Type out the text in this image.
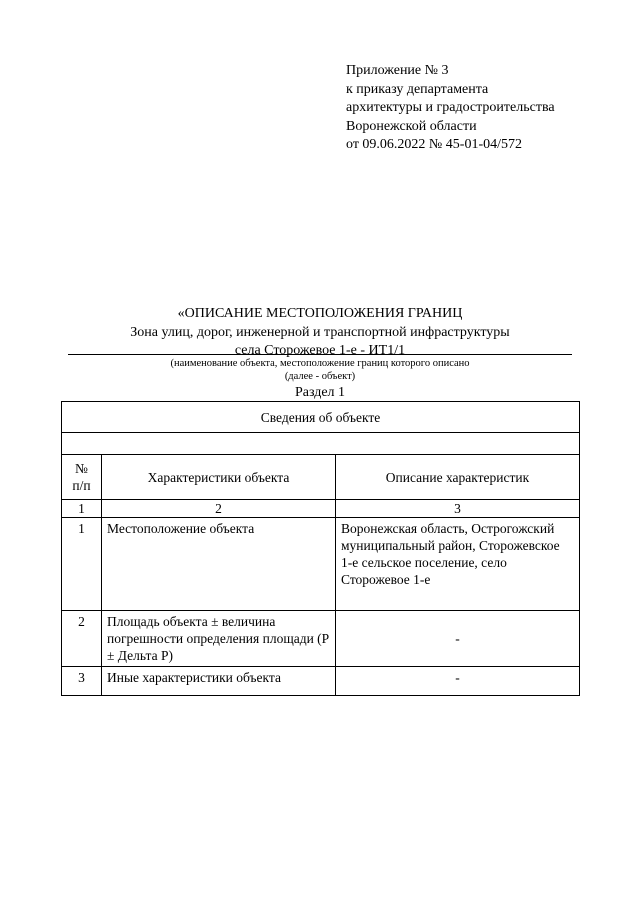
Приложение № 3
к приказу департамента
архитектуры и градостроительства
Воронежской области
от 09.06.2022 № 45-01-04/572
«ОПИСАНИЕ МЕСТОПОЛОЖЕНИЯ ГРАНИЦ
Зона улиц, дорог, инженерной и транспортной инфраструктуры
села Сторожевое 1-е - ИТ1/1
(наименование объекта, местоположение границ которого описано
(далее - объект)
Раздел 1
Сведения об объекте		

№
п/п	Характеристики объекта	Описание характеристик
1	2	3
1	Местоположение объекта	Воронежская область, Острогожский муниципальный район, Сторожевское 1-е сельское поселение, село Сторожевое 1-е
2	Площадь объекта ± величина погрешности определения площади (Р ± Дельта Р)	-
3	Иные характеристики объекта	-
